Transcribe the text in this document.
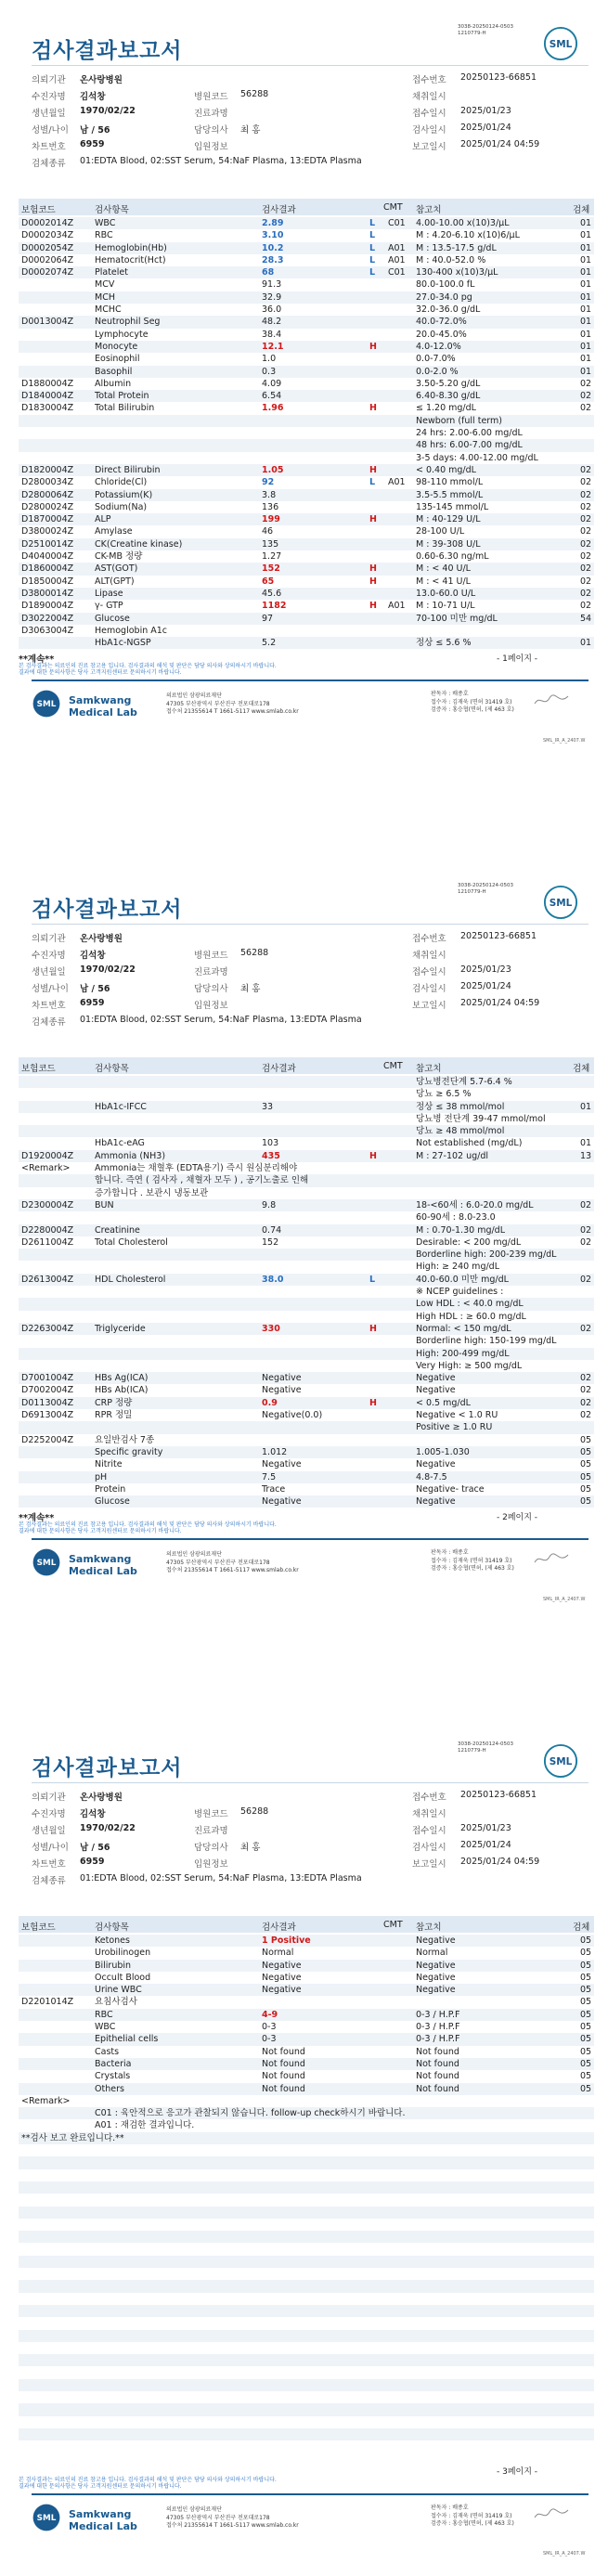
검사결과보고서
3038-20250124-0503
1210779-H
SML
의뢰기관 온사랑병원	접수번호 20250123-66851
수진자명 김석창	병원코드 56288	채취일시
생년월일 1970/02/22	진료과명	접수일시 2025/01/23
성별/나이 남 / 56	담당의사 최 홍	검사일시 2025/01/24
차트번호 6959	입원정보	보고일시 2025/01/24 04:59
검체종류 01:EDTA Blood, 02:SST Serum, 54:NaF Plasma, 13:EDTA Plasma
보험코드	검사항목	검사결과	CMT 참고치	검체
D0002014Z WBC	2.89	L C01 4.00-10.00 x(10)3/μL	01
D0002034Z RBC	3.10	L	M : 4.20-6.10 x(10)6/μL	01
D0002054Z Hemoglobin(Hb)	10.2	L A01 M : 13.5-17.5 g/dL	01
D0002064Z Hematocrit(Hct)	28.3	L A01 M : 40.0-52.0 %	01
D0002074Z Platelet	68	L C01 130-400 x(10)3/μL	01
MCV	91.3	80.0-100.0 fL	01
MCH	32.9	27.0-34.0 pg	01
MCHC	36.0	32.0-36.0 g/dL	01
D0013004Z Neutrophil Seg	48.2	40.0-72.0%	01
Lymphocyte	38.4	20.0-45.0%	01
Monocyte	12.1	H	4.0-12.0%	01
Eosinophil	1.0	0.0-7.0%	01
Basophil	0.3	0.0-2.0 %	01
D1880004Z Albumin	4.09	3.50-5.20 g/dL	02
D1840004Z Total Protein	6.54	6.40-8.30 g/dL	02
D1830004Z Total Bilirubin	1.96	H	≤ 1.20 mg/dL	02
Newborn (full term)
24 hrs: 2.00-6.00 mg/dL
48 hrs: 6.00-7.00 mg/dL
3-5 days: 4.00-12.00 mg/dL
D1820004Z Direct Bilirubin	1.05	H	< 0.40 mg/dL	02
D2800034Z Chloride(Cl)	92	L A01 98-110 mmol/L	02
D2800064Z Potassium(K)	3.8	3.5-5.5 mmol/L	02
D2800024Z Sodium(Na)	136	135-145 mmol/L	02
D1870004Z ALP	199	H	M : 40-129 U/L	02
D3800024Z Amylase	46	28-100 U/L	02
D2510014Z CK(Creatine kinase)	135	M : 39-308 U/L	02
D4040004Z CK-MB 정량	1.27	0.60-6.30 ng/mL	02
D1860004Z AST(GOT)	152	H	M : < 40 U/L	02
D1850004Z ALT(GPT)	65	H	M : < 41 U/L	02
D3800014Z Lipase	45.6	13.0-60.0 U/L	02
D1890004Z γ- GTP	1182	H A01 M : 10-71 U/L	02
D3022004Z Glucose	97	70-100 미만 mg/dL	54
D3063004Z Hemoglobin A1c
HbA1c-NGSP	5.2	정상 ≤ 5.6 %	01
**계속**	- 1페이지 -
본 검사결과는 의료인의 진료 참고용 입니다. 검사결과의 해석 및 판단은 담당 의사와 상의하시기 바랍니다.
결과에 대한 문의사항은 당사 고객지원센터로 문의하시기 바랍니다.
SML Samkwang
Medical Lab
의료법인 삼광의료재단
47305 부산광역시 부산진구 전포대로178
접수처 21355614 T 1661-5117 www.smlab.co.kr
판독자 : 배종호
접수자 : 김재욱 (면허 31419 호)
검증자 : 홍승협(면허, (제 463 호)
SML_IR_A_2407.W
검사결과보고서
3038-20250124-0503
1210779-H
SML
의뢰기관 온사랑병원	접수번호 20250123-66851
수진자명 김석창	병원코드 56288	채취일시
생년월일 1970/02/22	진료과명	접수일시 2025/01/23
성별/나이 남 / 56	담당의사 최 홍	검사일시 2025/01/24
차트번호 6959	입원정보	보고일시 2025/01/24 04:59
검체종류 01:EDTA Blood, 02:SST Serum, 54:NaF Plasma, 13:EDTA Plasma
보험코드	검사항목	검사결과	CMT 참고치	검체
당뇨병전단계 5.7-6.4 %
당뇨 ≥ 6.5 %
HbA1c-IFCC	33	정상 ≤ 38 mmol/mol	01
당뇨병 전단계 39-47 mmol/mol
당뇨 ≥ 48 mmol/mol
HbA1c-eAG	103	Not established (mg/dL)	01
D1920004Z Ammonia (NH3)	435	H	M : 27-102 ug/dl	13
<Remark>	Ammonia는 채혈후 (EDTA용기) 즉시 원심분리해야
합니다. 즉연 ( 검사자 , 채혈자 모두 ) , 공기노출로 인해
증가합니다 . 보관시 냉동보관
D2300004Z BUN	9.8	18-<60세 : 6.0-20.0 mg/dL	02
60-90세 : 8.0-23.0
D2280004Z Creatinine	0.74	M : 0.70-1.30 mg/dL	02
D2611004Z Total Cholesterol	152	Desirable: < 200 mg/dL	02
Borderline high: 200-239 mg/dL
High: ≥ 240 mg/dL
D2613004Z HDL Cholesterol	38.0	L	40.0-60.0 미만 mg/dL	02
※ NCEP guidelines :
Low HDL : < 40.0 mg/dL
High HDL : ≥ 60.0 mg/dL
D2263004Z Triglyceride	330	H	Normal: < 150 mg/dL	02
Borderline high: 150-199 mg/dL
High: 200-499 mg/dL
Very High: ≥ 500 mg/dL
D7001004Z HBs Ag(ICA)	Negative	Negative	02
D7002004Z HBs Ab(ICA)	Negative	Negative	02
D0113004Z CRP 정량	0.9	H	< 0.5 mg/dL	02
D6913004Z RPR 정밀	Negative(0.0)	Negative < 1.0 RU	02
Positive ≥ 1.0 RU
D2252004Z 요일반검사 7종	05
Specific gravity	1.012	1.005-1.030	05
Nitrite	Negative	Negative	05
pH	7.5	4.8-7.5	05
Protein	Trace	Negative- trace	05
Glucose	Negative	Negative	05
**계속**	- 2페이지 -
본 검사결과는 의료인의 진료 참고용 입니다. 검사결과의 해석 및 판단은 담당 의사와 상의하시기 바랍니다.
결과에 대한 문의사항은 당사 고객지원센터로 문의하시기 바랍니다.
SML Samkwang
Medical Lab
의료법인 삼광의료재단
47305 부산광역시 부산진구 전포대로178
접수처 21355614 T 1661-5117 www.smlab.co.kr
판독자 : 배종호
접수자 : 김재욱 (면허 31419 호)
검증자 : 홍승협(면허, (제 463 호)
SML_IR_A_2407.W
검사결과보고서
3038-20250124-0503
1210779-H
SML
의뢰기관 온사랑병원	접수번호 20250123-66851
수진자명 김석창	병원코드 56288	채취일시
생년월일 1970/02/22	진료과명	접수일시 2025/01/23
성별/나이 남 / 56	담당의사 최 홍	검사일시 2025/01/24
차트번호 6959	입원정보	보고일시 2025/01/24 04:59
검체종류 01:EDTA Blood, 02:SST Serum, 54:NaF Plasma, 13:EDTA Plasma
보험코드	검사항목	검사결과	CMT 참고치	검체
Ketones	1 Positive	Negative	05
Urobilinogen	Normal	Normal	05
Bilirubin	Negative	Negative	05
Occult Blood	Negative	Negative	05
Urine WBC	Negative	Negative	05
D2201014Z 요침사검사	05
RBC	4-9	0-3 / H.P.F	05
WBC	0-3	0-3 / H.P.F	05
Epithelial cells	0-3	0-3 / H.P.F	05
Casts	Not found	Not found	05
Bacteria	Not found	Not found	05
Crystals	Not found	Not found	05
Others	Not found	Not found	05
<Remark>
C01 : 육안적으로 응고가 관찰되지 않습니다. follow-up check하시기 바랍니다.
A01 : 재검한 결과입니다.
**검사 보고 완료입니다.**
- 3페이지 -
본 검사결과는 의료인의 진료 참고용 입니다. 검사결과의 해석 및 판단은 담당 의사와 상의하시기 바랍니다.
결과에 대한 문의사항은 당사 고객지원센터로 문의하시기 바랍니다.
SML Samkwang
Medical Lab
의료법인 삼광의료재단
47305 부산광역시 부산진구 전포대로178
접수처 21355614 T 1661-5117 www.smlab.co.kr
판독자 : 배종호
접수자 : 김재욱 (면허 31419 호)
검증자 : 홍승협(면허, (제 463 호)
SML_IR_A_2407.W
